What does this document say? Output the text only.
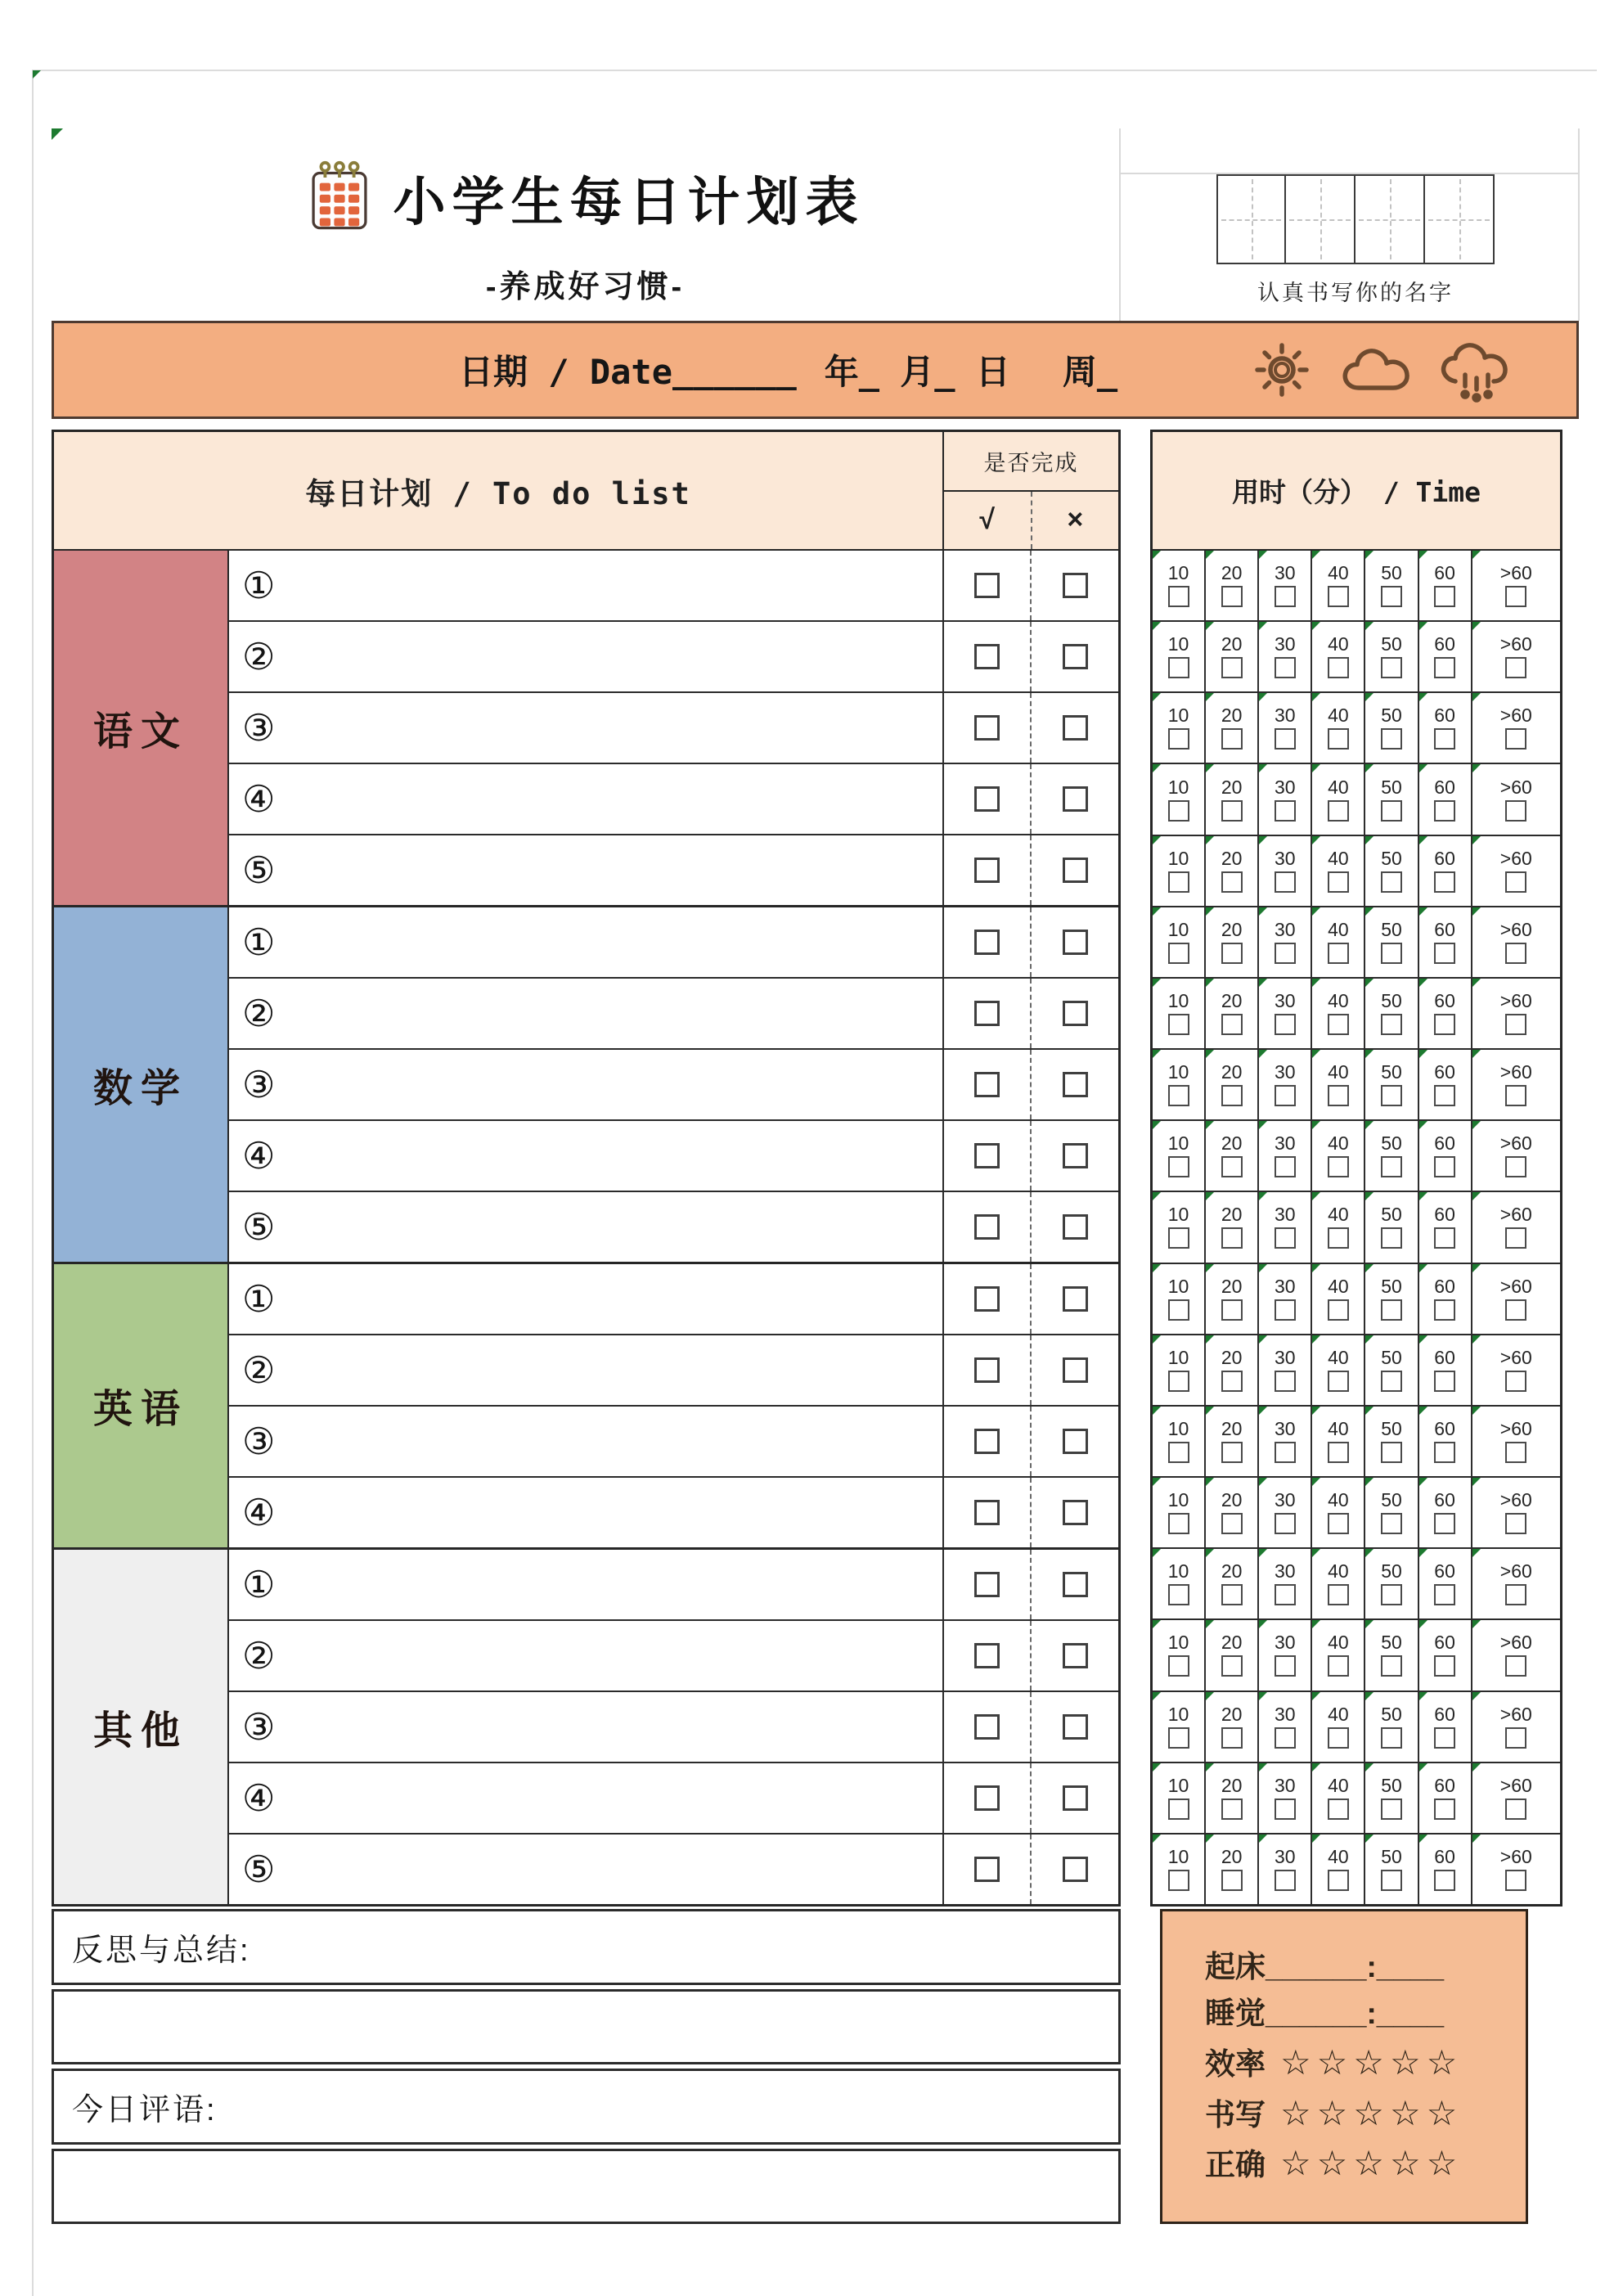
小学生每日计划表
-养成好习惯-	认真书写你的名字
日期 / Date ______ 年_ 月_ 日 周_
每日计划 / To do list
是否完成
√	×
语文
①
②
③
④
⑤
数学
①
②
③
④
⑤
英语
①
②
③
④
其他
①
②
③
④
⑤
用时（分） / Time
10 20 30 40 50 60 >60
10 20 30 40 50 60 >60
10 20 30 40 50 60 >60
10 20 30 40 50 60 >60
10 20 30 40 50 60 >60
10 20 30 40 50 60 >60
10 20 30 40 50 60 >60
10 20 30 40 50 60 >60
10 20 30 40 50 60 >60
10 20 30 40 50 60 >60
10 20 30 40 50 60 >60
10 20 30 40 50 60 >60
10 20 30 40 50 60 >60
10 20 30 40 50 60 >60
10 20 30 40 50 60 >60
10 20 30 40 50 60 >60
10 20 30 40 50 60 >60
10 20 30 40 50 60 >60
10 20 30 40 50 60 >60
反思与总结:
今日评语:
起床 ______ : ____
睡觉 ______ : ____
效率 ☆☆☆☆☆
书写 ☆☆☆☆☆
正确 ☆☆☆☆☆
